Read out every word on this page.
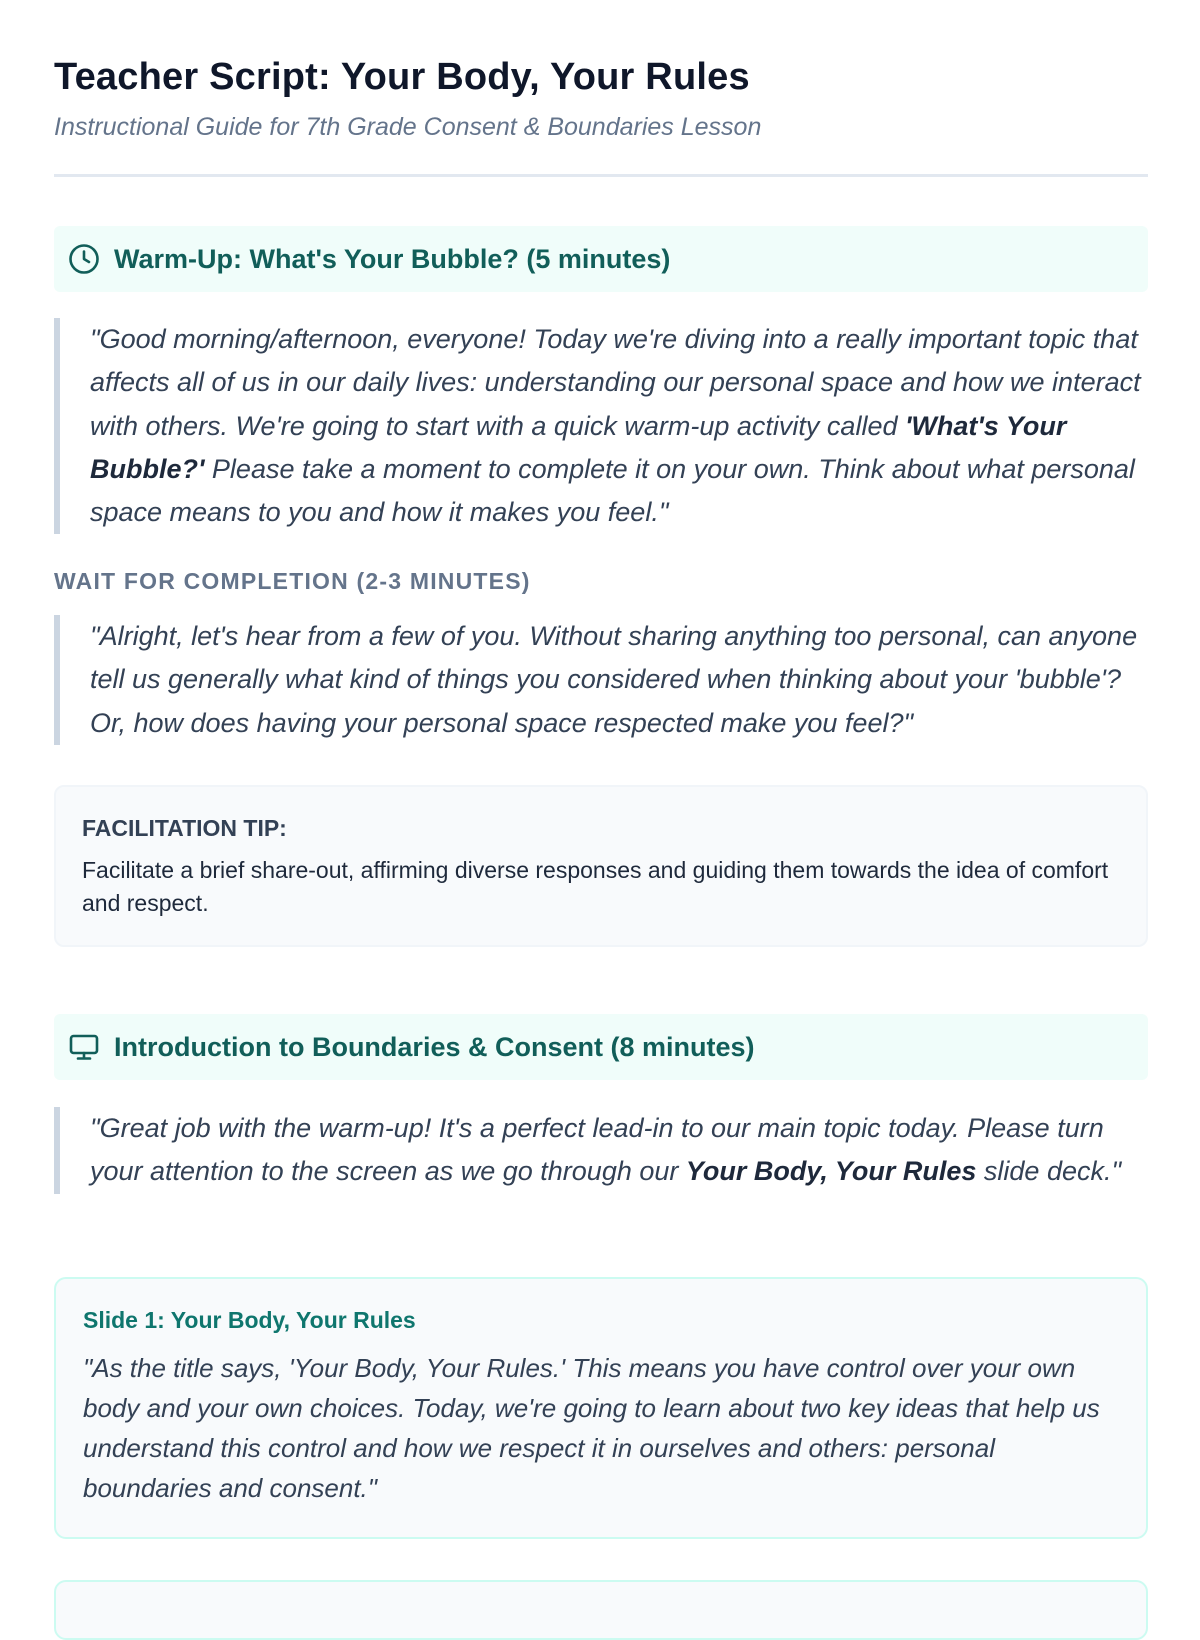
Teacher Script: Your Body, Your Rules

Instructional Guide for 7th Grade Consent & Boundaries Lesson

Warm-Up: What's Your Bubble? (5 minutes)
"Good morning/afternoon, everyone! Today we're diving into a really important topic that affects all of us in our daily lives: understanding our personal space and how we interact with others. We're going to start with a quick warm-up activity called 'What's Your Bubble?' Please take a moment to complete it on your own. Think about what personal space means to you and how it makes you feel."
WAIT FOR COMPLETION (2-3 MINUTES)
"Alright, let's hear from a few of you. Without sharing anything too personal, can anyone tell us generally what kind of things you considered when thinking about your 'bubble'? Or, how does having your personal space respected make you feel?"
FACILITATION TIP:
Facilitate a brief share-out, affirming diverse responses and guiding them towards the idea of comfort and respect.
Introduction to Boundaries & Consent (8 minutes)
"Great job with the warm-up! It's a perfect lead-in to our main topic today. Please turn your attention to the screen as we go through our Your Body, Your Rules slide deck."
Slide 1: Your Body, Your Rules
"As the title says, 'Your Body, Your Rules.' This means you have control over your own body and your own choices. Today, we're going to learn about two key ideas that help us understand this control and how we respect it in ourselves and others: personal boundaries and consent."
